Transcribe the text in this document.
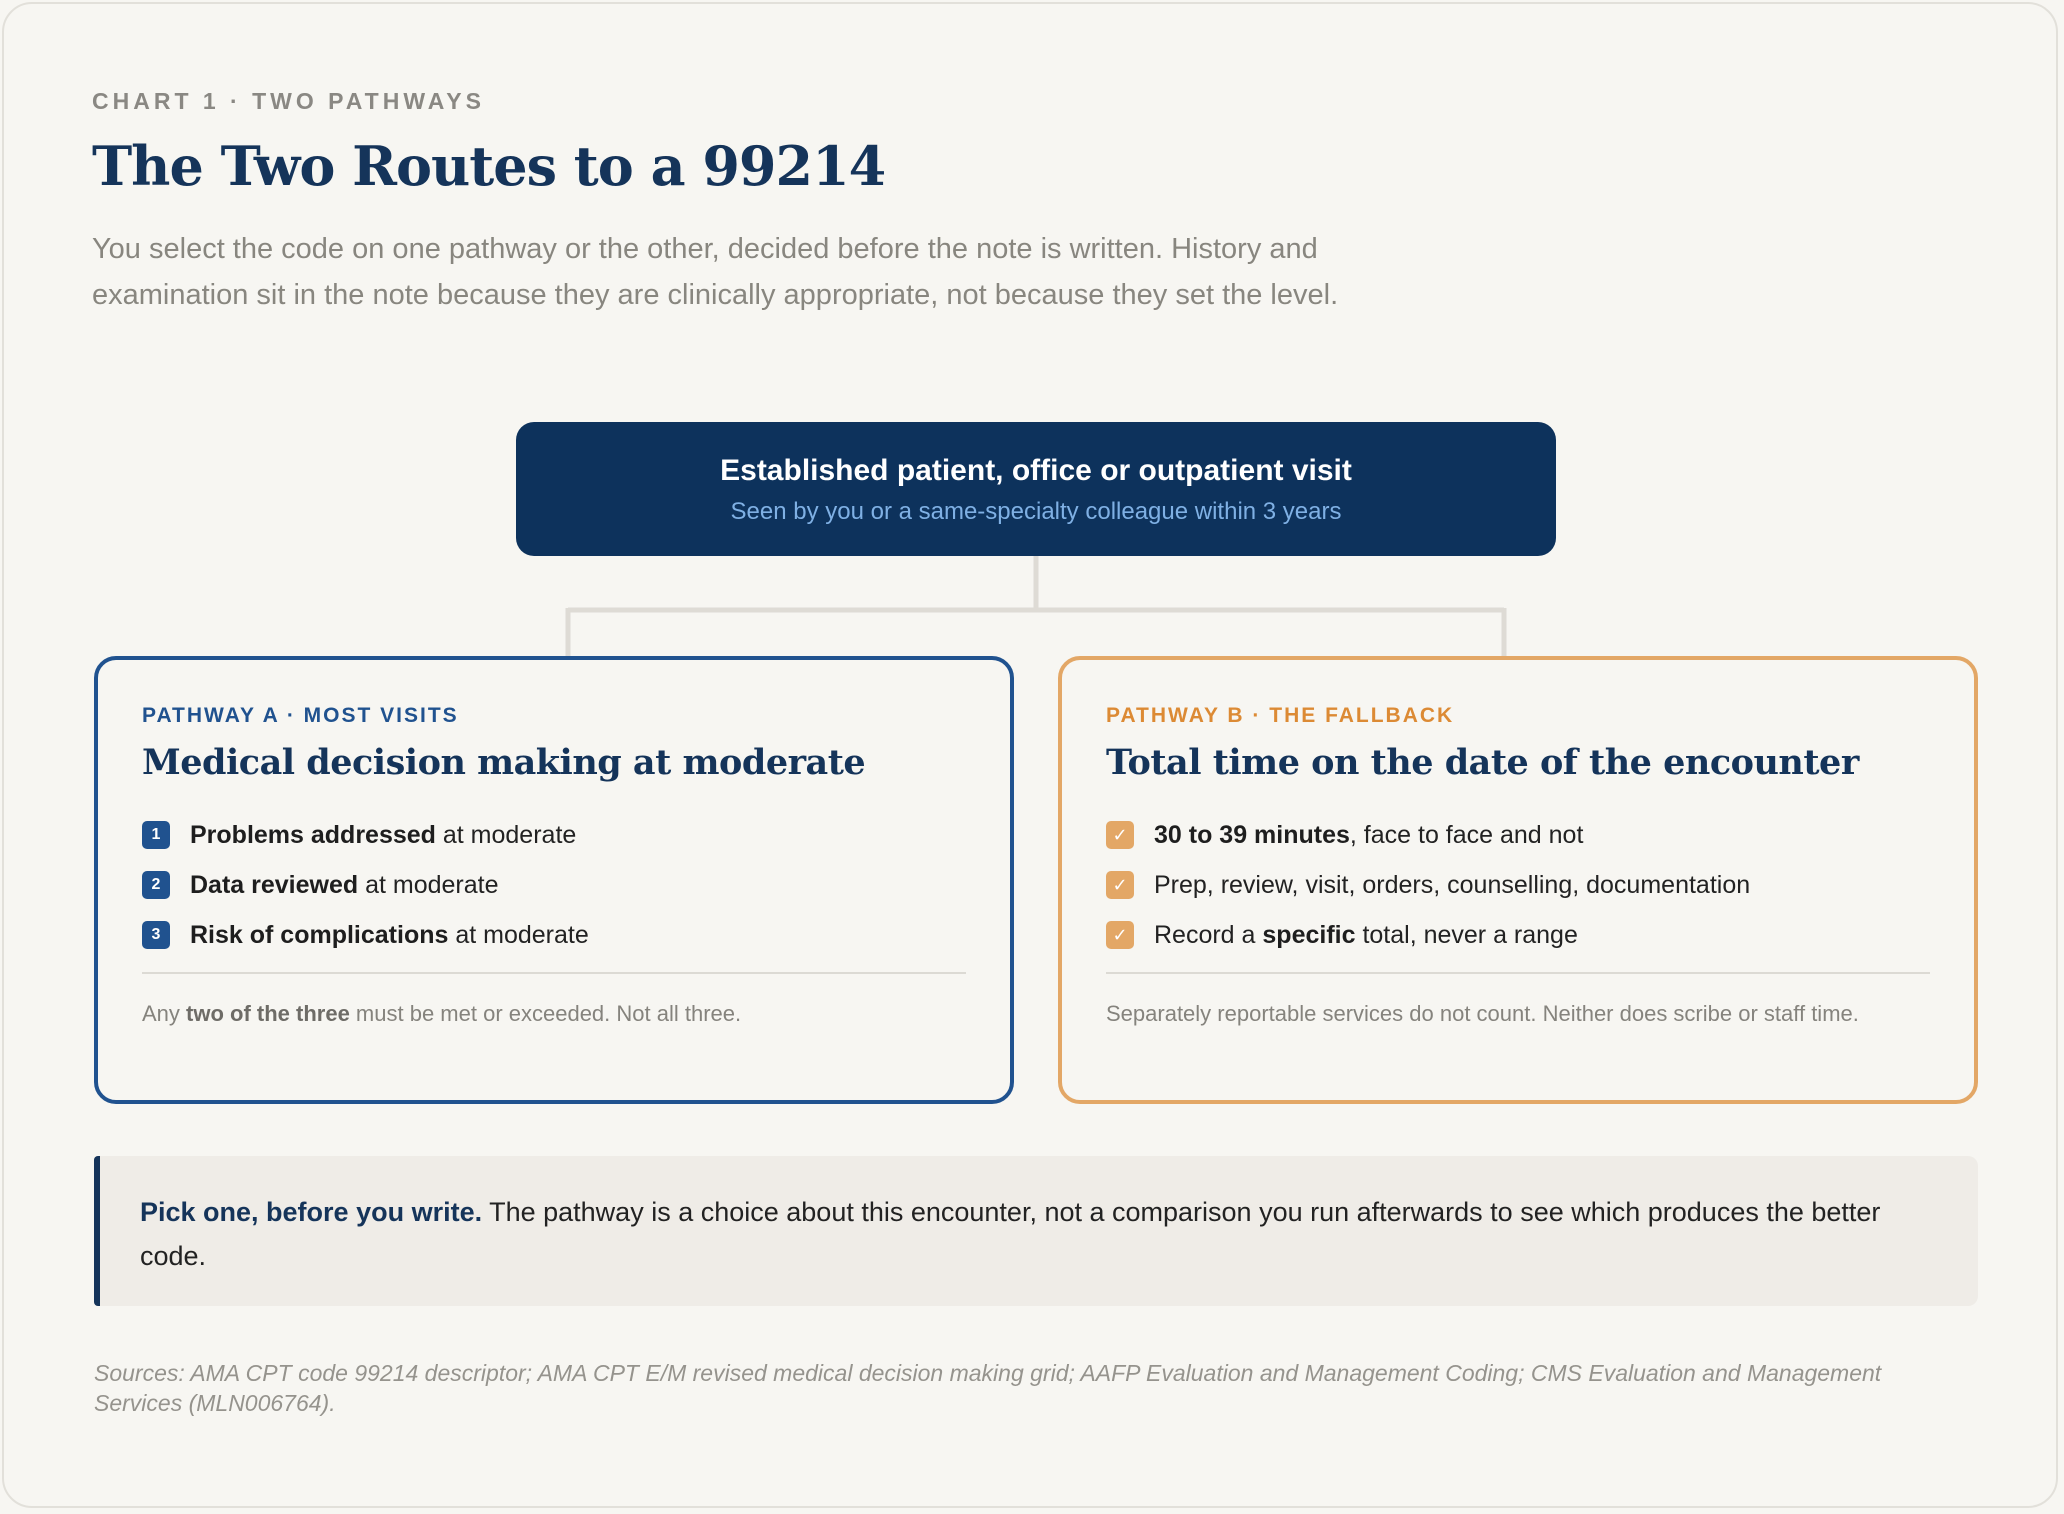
CHART 1 · TWO PATHWAYS
The Two Routes to a 99214
You select the code on one pathway or the other, decided before the note is written. History and examination sit in the note because they are clinically appropriate, not because they set the level.
Established patient, office or outpatient visit
Seen by you or a same-specialty colleague within 3 years
PATHWAY A · MOST VISITS
Medical decision making at moderate
1	Problems addressed at moderate
2	Data reviewed at moderate
3	Risk of complications at moderate
Any two of the three must be met or exceeded. Not all three.
PATHWAY B · THE FALLBACK
Total time on the date of the encounter
✓ 30 to 39 minutes , face to face and not
✓ Prep, review, visit, orders, counselling, documentation
✓ Record a specific total, never a range
Separately reportable services do not count. Neither does scribe or staff time.
Pick one, before you write. The pathway is a choice about this encounter, not a comparison you run afterwards to see which produces the better code.
Sources: AMA CPT code 99214 descriptor; AMA CPT E/M revised medical decision making grid; AAFP Evaluation and Management Coding; CMS Evaluation and Management Services (MLN006764).
